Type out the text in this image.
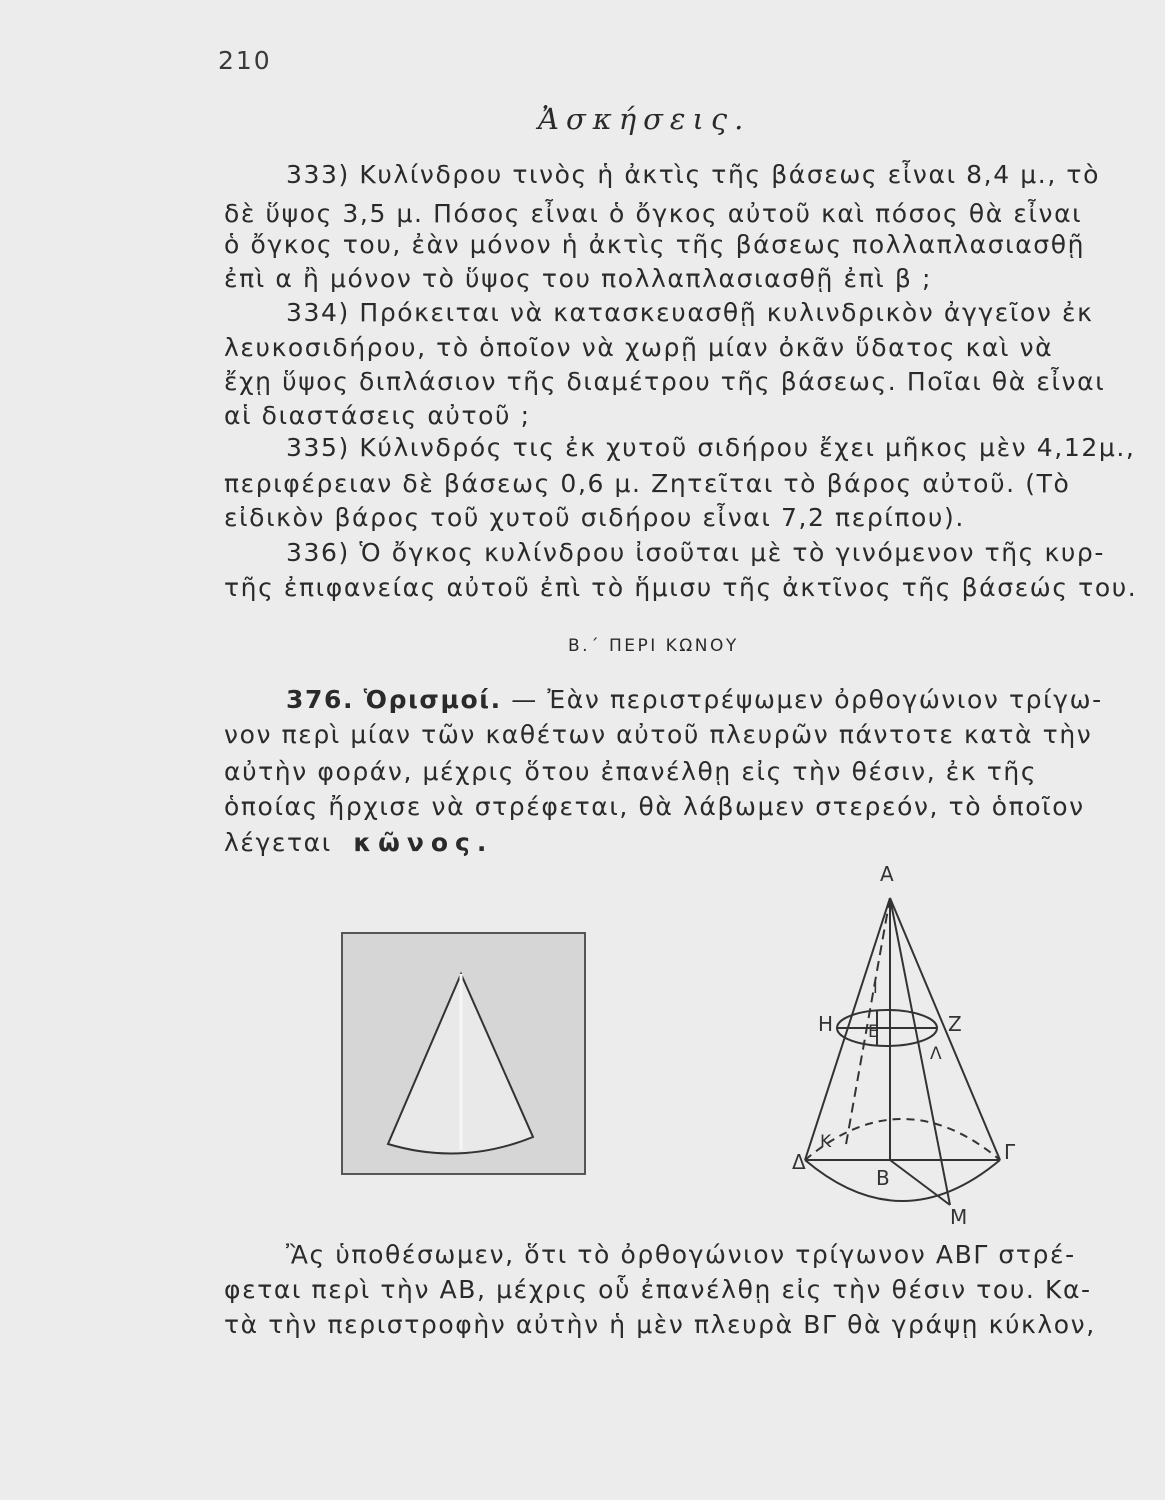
210
Ἀσκήσεις.
333) Κυλίνδρου τινὸς ἡ ἀκτὶς τῆς βάσεως εἶναι 8,4 μ., τὸ
δὲ ὕψος 3,5 μ. Πόσος εἶναι ὁ ὄγκος αὐτοῦ καὶ πόσος θὰ εἶναι
ὁ ὄγκος του, ἐὰν μόνον ἡ ἀκτὶς τῆς βάσεως πολλαπλασιασθῇ
ἐπὶ α ἢ μόνον τὸ ὕψος του πολλαπλασιασθῇ ἐπὶ β ;
334) Πρόκειται νὰ κατασκευασθῇ κυλινδρικὸν ἀγγεῖον ἐκ
λευκοσιδήρου, τὸ ὁποῖον νὰ χωρῇ μίαν ὀκᾶν ὕδατος καὶ νὰ
ἔχῃ ὕψος διπλάσιον τῆς διαμέτρου τῆς βάσεως. Ποῖαι θὰ εἶναι
αἱ διαστάσεις αὐτοῦ ;
335) Κύλινδρός τις ἐκ χυτοῦ σιδήρου ἔχει μῆκος μὲν 4,12μ.,
περιφέρειαν δὲ βάσεως 0,6 μ. Ζητεῖται τὸ βάρος αὐτοῦ. (Τὸ
εἰδικὸν βάρος τοῦ χυτοῦ σιδήρου εἶναι 7,2 περίπου).
336) Ὁ ὄγκος κυλίνδρου ἰσοῦται μὲ τὸ γινόμενον τῆς κυρ-
τῆς ἐπιφανείας αὐτοῦ ἐπὶ τὸ ἥμισυ τῆς ἀκτῖνος τῆς βάσεώς του.
Β.΄ ΠΕΡΙ ΚΩΝΟΥ
376. Ὁρισμοί. — Ἐὰν περιστρέψωμεν ὀρθογώνιον τρίγω-
νον περὶ μίαν τῶν καθέτων αὐτοῦ πλευρῶν πάντοτε κατὰ τὴν
αὐτὴν φοράν, μέχρις ὅτου ἐπανέλθῃ εἰς τὴν θέσιν, ἐκ τῆς
ὁποίας ἤρχισε νὰ στρέφεται, θὰ λάβωμεν στερεόν, τὸ ὁποῖον
λέγεται κῶνος.
Α
Ι
Η Ε	Ζ
Λ
Κ
Δ
Β
Γ
Μ
Ἂς ὑποθέσωμεν, ὅτι τὸ ὀρθογώνιον τρίγωνον ΑΒΓ στρέ-
φεται περὶ τὴν ΑΒ, μέχρις οὗ ἐπανέλθῃ εἰς τὴν θέσιν του. Κα-
τὰ τὴν περιστροφὴν αὐτὴν ἡ μὲν πλευρὰ ΒΓ θὰ γράψῃ κύκλον,
